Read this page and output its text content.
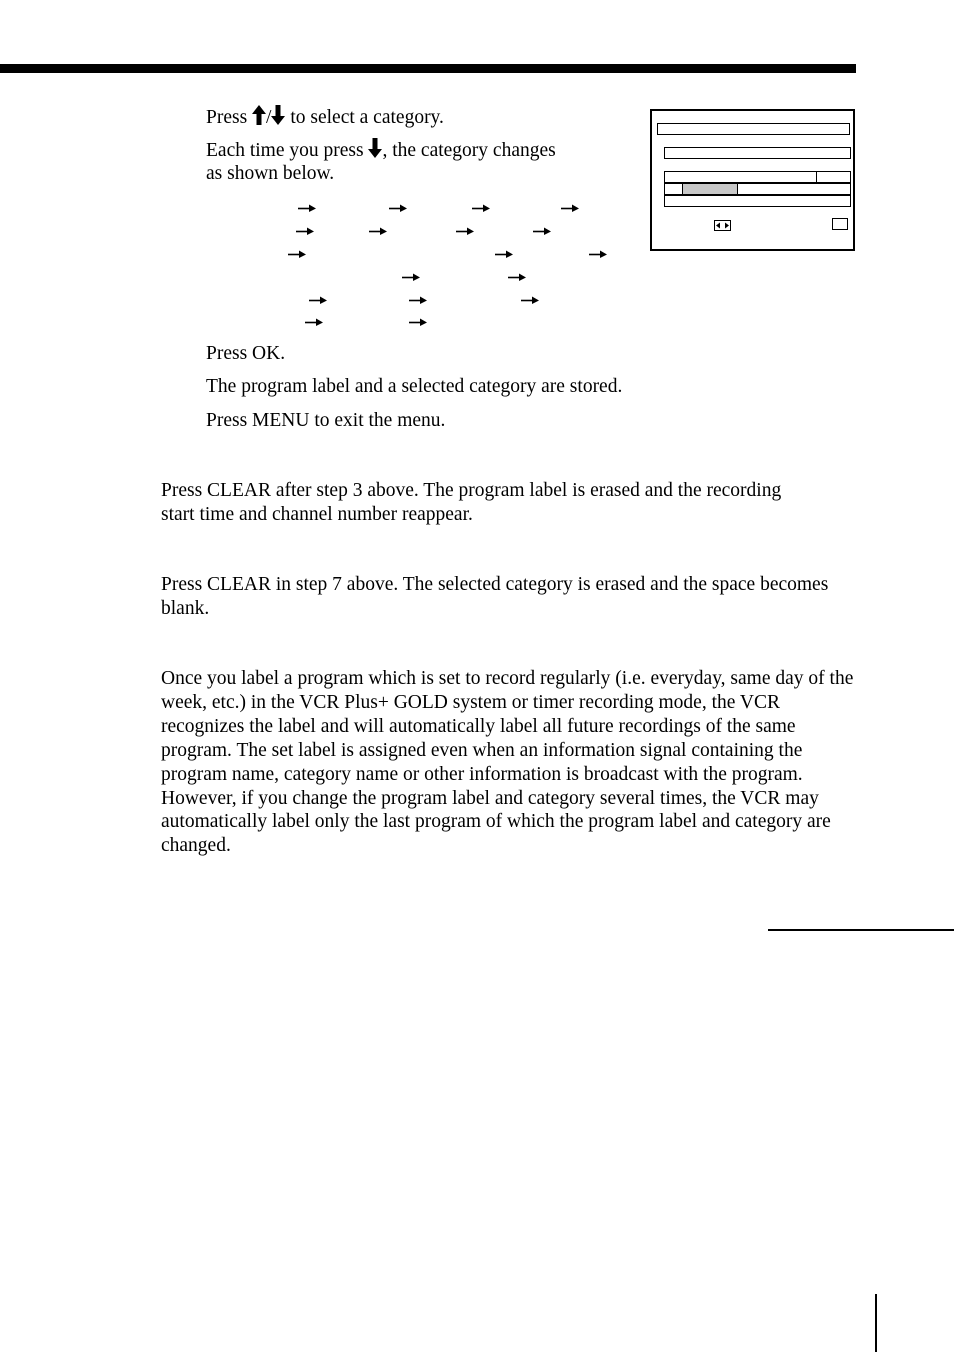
Press / to select a category.
Each time you press , the category changes
as shown below.
Press OK.
The program label and a selected category are stored.
Press MENU to exit the menu.
Press CLEAR after step 3 above. The program label is erased and the recording start time and channel number reappear.
Press CLEAR in step 7 above. The selected category is erased and the space becomes blank.
Once you label a program which is set to record regularly (i.e. everyday, same day of the week, etc.) in the VCR Plus+ GOLD system or timer recording mode, the VCR recognizes the label and will automatically label all future recordings of the same program. The set label is assigned even when an information signal containing the program name, category name or other information is broadcast with the program. However, if you change the program label and category several times, the VCR may automatically label only the last program of which the program label and category are changed.
